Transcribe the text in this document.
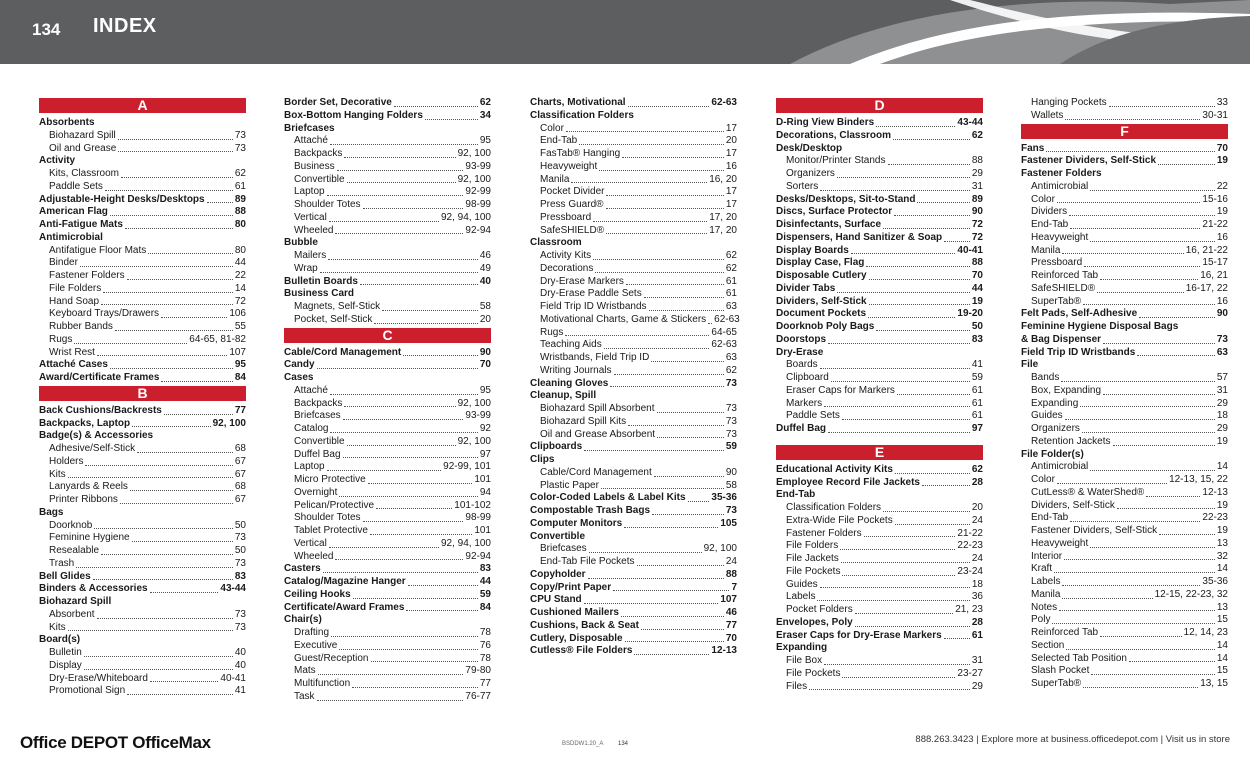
134 INDEX
A
Absorbents
Biohazard Spill	73
Oil and Grease	73
Activity
Kits, Classroom	62
Paddle Sets	61
Adjustable-Height Desks/Desktops	89
American Flag	88
Anti-Fatigue Mats	80
Antimicrobial
Antifatigue Floor Mats	80
Binder	44
Fastener Folders	22
File Folders	14
Hand Soap	72
Keyboard Trays/Drawers	106
Rubber Bands	55
Rugs	64-65, 81-82
Wrist Rest	107
Attaché Cases	95
Award/Certificate Frames	84
B
Back Cushions/Backrests	77
Backpacks, Laptop	92, 100
Badge(s) & Accessories
Adhesive/Self-Stick	68
Holders	67
Kits	67
Lanyards & Reels	68
Printer Ribbons	67
Bags
Doorknob	50
Feminine Hygiene	73
Resealable	50
Trash	73
Bell Glides	83
Binders & Accessories	43-44
Biohazard Spill
Absorbent	73
Kits	73
Board(s)
Bulletin	40
Display	40
Dry-Erase/Whiteboard	40-41
Promotional Sign	41
Border Set, Decorative	62
Box-Bottom Hanging Folders	34
Briefcases
Attaché	95
Backpacks	92, 100
Business	93-99
Convertible	92, 100
Laptop	92-99
Shoulder Totes	98-99
Vertical	92, 94, 100
Wheeled	92-94
Bubble
Mailers	46
Wrap	49
Bulletin Boards	40
Business Card
Magnets, Self-Stick	58
Pocket, Self-Stick	20
C
Cable/Cord Management	90
Candy	70
Cases
Attaché	95
Backpacks	92, 100
Briefcases	93-99
Catalog	92
Convertible	92, 100
Duffel Bag	97
Laptop	92-99, 101
Micro Protective	101
Overnight	94
Pelican/Protective	101-102
Shoulder Totes	98-99
Tablet Protective	101
Vertical	92, 94, 100
Wheeled	92-94
Casters	83
Catalog/Magazine Hanger	44
Ceiling Hooks	59
Certificate/Award Frames	84
Chair(s)
Drafting	78
Executive	76
Guest/Reception	78
Mats	79-80
Multifunction	77
Task	76-77
Charts, Motivational	62-63
Classification Folders
Color	17
End-Tab	20
FasTab® Hanging	17
Heavyweight	16
Manila	16, 20
Pocket Divider	17
Press Guard®	17
Pressboard	17, 20
SafeSHIELD®	17, 20
Classroom
Activity Kits	62
Decorations	62
Dry-Erase Markers	61
Dry-Erase Paddle Sets	61
Field Trip ID Wristbands	63
Motivational Charts, Game & Stickers 62-63
Rugs	64-65
Teaching Aids	62-63
Wristbands, Field Trip ID	63
Writing Journals	62
Cleaning Gloves	73
Cleanup, Spill
Biohazard Spill Absorbent	73
Biohazard Spill Kits	73
Oil and Grease Absorbent	73
Clipboards	59
Clips
Cable/Cord Management	90
Plastic Paper	58
Color-Coded Labels & Label Kits	35-36
Compostable Trash Bags	73
Computer Monitors	105
Convertible
Briefcases	92, 100
End-Tab File Pockets	24
Copyholder	88
Copy/Print Paper	7
CPU Stand	107
Cushioned Mailers	46
Cushions, Back & Seat	77
Cutlery, Disposable	70
Cutless® File Folders	12-13
D
D-Ring View Binders	43-44
Decorations, Classroom	62
Desk/Desktop
Monitor/Printer Stands	88
Organizers	29
Sorters	31
Desks/Desktops, Sit-to-Stand	89
Discs, Surface Protector	90
Disinfectants, Surface	72
Dispensers, Hand Sanitizer & Soap	72
Display Boards	40-41
Display Case, Flag	88
Disposable Cutlery	70
Divider Tabs	44
Dividers, Self-Stick	19
Document Pockets	19-20
Doorknob Poly Bags	50
Doorstops	83
Dry-Erase
Boards	41
Clipboard	59
Eraser Caps for Markers	61
Markers	61
Paddle Sets	61
Duffel Bag	97
E
Educational Activity Kits	62
Employee Record File Jackets	28
End-Tab
Classification Folders	20
Extra-Wide File Pockets	24
Fastener Folders	21-22
File Folders	22-23
File Jackets	24
File Pockets	23-24
Guides	18
Labels	36
Pocket Folders	21, 23
Envelopes, Poly	28
Eraser Caps for Dry-Erase Markers	61
Expanding
File Box	31
File Pockets	23-27
Files	29
Hanging Pockets	33
Wallets	30-31
F
Fans	70
Fastener Dividers, Self-Stick	19
Fastener Folders
Antimicrobial	22
Color	15-16
Dividers	19
End-Tab	21-22
Heavyweight	16
Manila	16, 21-22
Pressboard	15-17
Reinforced Tab	16, 21
SafeSHIELD®	16-17, 22
SuperTab®	16
Felt Pads, Self-Adhesive	90
Feminine Hygiene Disposal Bags
& Bag Dispenser	73
Field Trip ID Wristbands	63
File
Bands	57
Box, Expanding	31
Expanding	29
Guides	18
Organizers	29
Retention Jackets	19
File Folder(s)
Antimicrobial	14
Color	12-13, 15, 22
CutLess® & WaterShed®	12-13
Dividers, Self-Stick	19
End-Tab	22-23
Fastener Dividers, Self-Stick	19
Heavyweight	13
Interior	32
Kraft	14
Labels	35-36
Manila	12-15, 22-23, 32
Notes	13
Poly	15
Reinforced Tab	12, 14, 23
Section	14
Selected Tab Position	14
Slash Pocket	15
SuperTab®	13, 15
Office DEPOT OfficeMax	BSDDW1.20_A 134	888.263.3423 | Explore more at business.officedepot.com | Visit us in store
